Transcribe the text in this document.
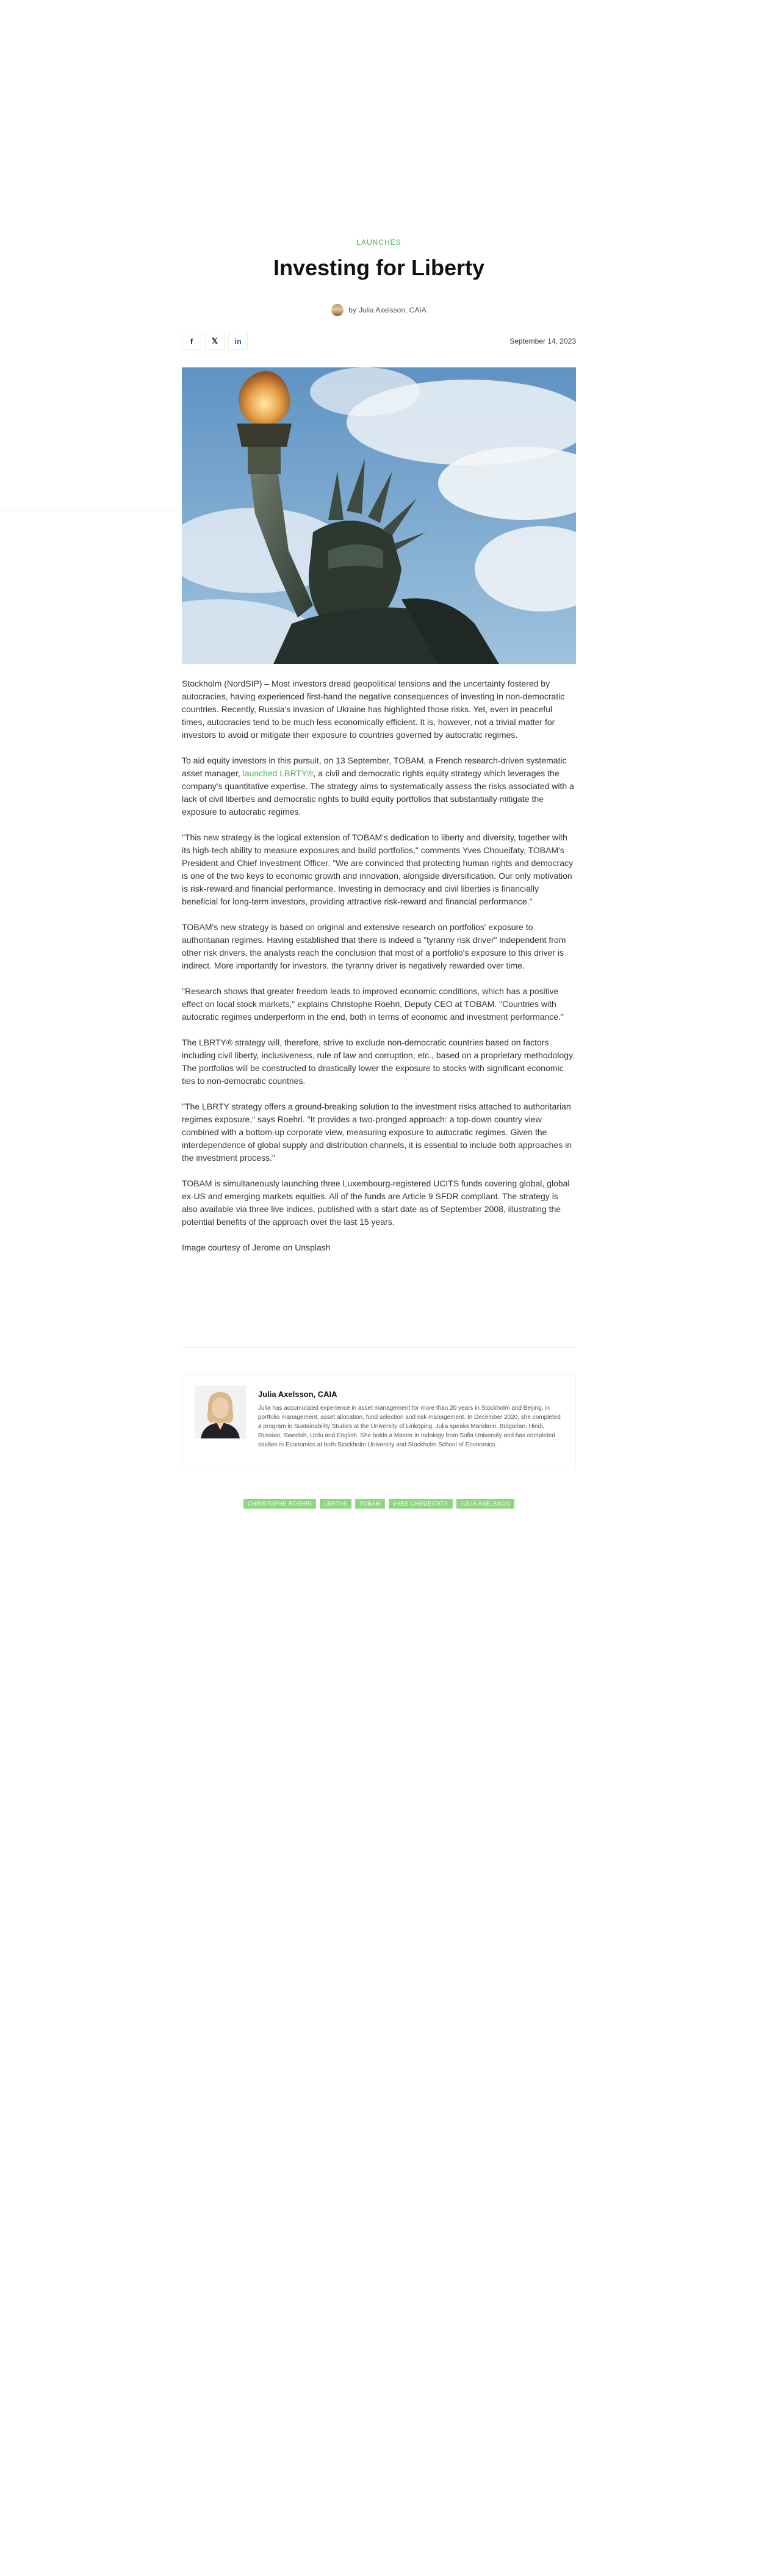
LAUNCHES
Investing for Liberty
by Julia Axelsson, CAIA
f	𝕏	in	September 14, 2023

Stockholm (NordSIP) – Most investors dread geopolitical tensions and the uncertainty fostered by autocracies, having experienced first-hand the negative consequences of investing in non-democratic countries. Recently, Russia's invasion of Ukraine has highlighted those risks. Yet, even in peaceful times, autocracies tend to be much less economically efficient. It is, however, not a trivial matter for investors to avoid or mitigate their exposure to countries governed by autocratic regimes.

To aid equity investors in this pursuit, on 13 September, TOBAM, a French research-driven systematic asset manager, launched LBRTY®, a civil and democratic rights equity strategy which leverages the company's quantitative expertise. The strategy aims to systematically assess the risks associated with a lack of civil liberties and democratic rights to build equity portfolios that substantially mitigate the exposure to autocratic regimes.

"This new strategy is the logical extension of TOBAM's dedication to liberty and diversity, together with its high-tech ability to measure exposures and build portfolios," comments Yves Choueifaty, TOBAM's President and Chief Investment Officer. "We are convinced that protecting human rights and democracy is one of the two keys to economic growth and innovation, alongside diversification. Our only motivation is risk-reward and financial performance. Investing in democracy and civil liberties is financially beneficial for long-term investors, providing attractive risk-reward and financial performance."

TOBAM's new strategy is based on original and extensive research on portfolios' exposure to authoritarian regimes. Having established that there is indeed a "tyranny risk driver" independent from other risk drivers, the analysts reach the conclusion that most of a portfolio's exposure to this driver is indirect. More importantly for investors, the tyranny driver is negatively rewarded over time.

"Research shows that greater freedom leads to improved economic conditions, which has a positive effect on local stock markets," explains Christophe Roehri, Deputy CEO at TOBAM. "Countries with autocratic regimes underperform in the end, both in terms of economic and investment performance."

The LBRTY® strategy will, therefore, strive to exclude non-democratic countries based on factors including civil liberty, inclusiveness, rule of law and corruption, etc., based on a proprietary methodology. The portfolios will be constructed to drastically lower the exposure to stocks with significant economic ties to non-democratic countries.

"The LBRTY strategy offers a ground-breaking solution to the investment risks attached to authoritarian regimes exposure," says Roehri. "It provides a two-pronged approach: a top-down country view combined with a bottom-up corporate view, measuring exposure to autocratic regimes. Given the interdependence of global supply and distribution channels, it is essential to include both approaches in the investment process."

TOBAM is simultaneously launching three Luxembourg-registered UCITS funds covering global, global ex-US and emerging markets equities. All of the funds are Article 9 SFDR compliant. The strategy is also available via three live indices, published with a start date as of September 2008, illustrating the potential benefits of the approach over the last 15 years.

Image courtesy of Jerome on Unsplash

Julia Axelsson, CAIA
Julia has accumulated experience in asset management for more than 20 years in Stockholm and Beijing, in portfolio management, asset allocation, fund selection and risk management. In December 2020, she completed a program in Sustainability Studies at the University of Linköping. Julia speaks Mandarin, Bulgarian, Hindi, Russian, Swedish, Urdu and English. She holds a Master in Indology from Sofia University and has completed studies in Economics at both Stockholm University and Stockholm School of Economics.
CHRISTOPHE ROEHRI	LBRTY®	TOBAM	YVES CHOUEIFATY	JULIA AXELSSON
